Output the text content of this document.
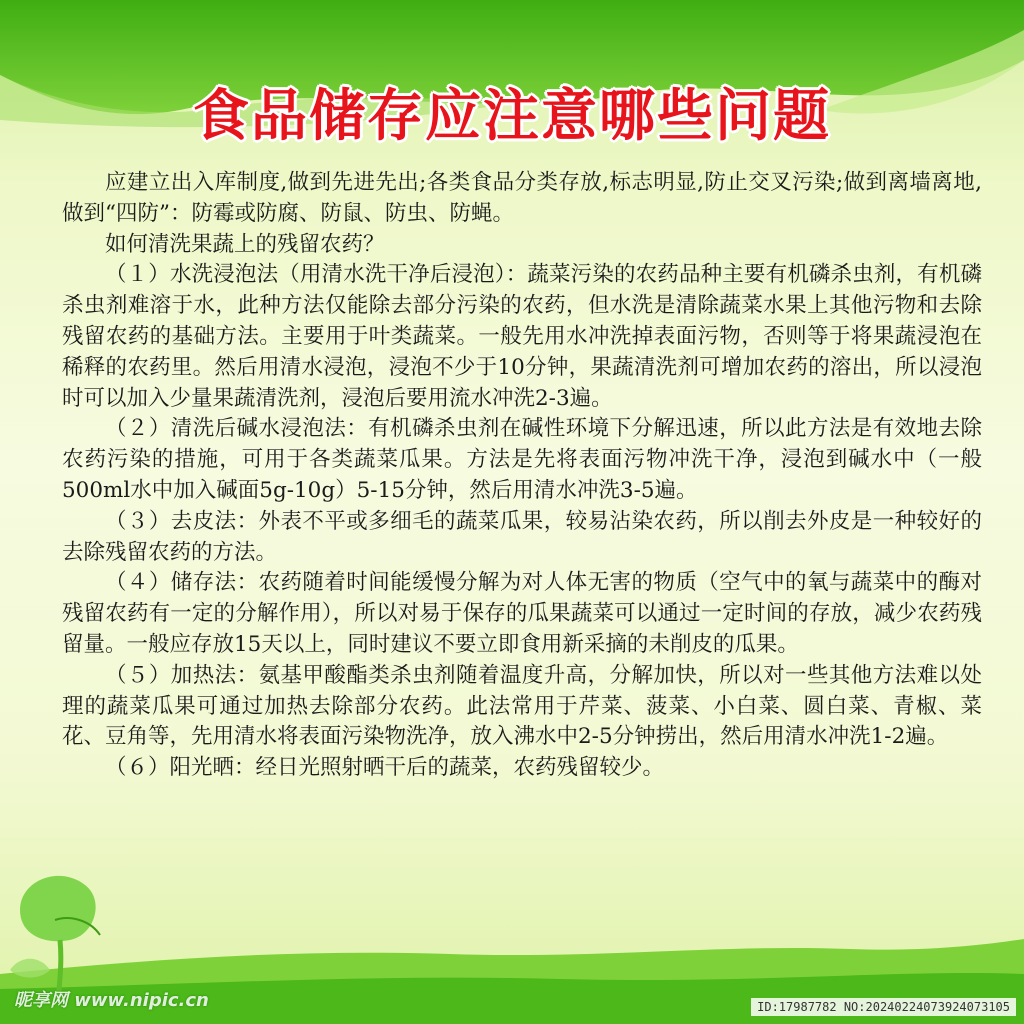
食品储存应注意哪些问题

应建立出入库制度,做到先进先出;各类食品分类存放,标志明显,防止交叉污染;做到离墙离地,做到“四防”：防霉或防腐、防鼠、防虫、防蝇。

如何清洗果蔬上的残留农药？

（１）水洗浸泡法（用清水洗干净后浸泡）：蔬菜污染的农药品种主要有机磷杀虫剂，有机磷杀虫剂难溶于水，此种方法仅能除去部分污染的农药，但水洗是清除蔬菜水果上其他污物和去除残留农药的基础方法。主要用于叶类蔬菜。一般先用水冲洗掉表面污物，否则等于将果蔬浸泡在稀释的农药里。然后用清水浸泡，浸泡不少于10分钟，果蔬清洗剂可增加农药的溶出，所以浸泡时可以加入少量果蔬清洗剂，浸泡后要用流水冲洗2-3遍。

（２）清洗后碱水浸泡法：有机磷杀虫剂在碱性环境下分解迅速，所以此方法是有效地去除农药污染的措施，可用于各类蔬菜瓜果。方法是先将表面污物冲洗干净，浸泡到碱水中（一般500ml水中加入碱面5g-10g）5-15分钟，然后用清水冲洗3-5遍。

（３）去皮法：外表不平或多细毛的蔬菜瓜果，较易沾染农药，所以削去外皮是一种较好的去除残留农药的方法。

（４）储存法：农药随着时间能缓慢分解为对人体无害的物质（空气中的氧与蔬菜中的酶对残留农药有一定的分解作用），所以对易于保存的瓜果蔬菜可以通过一定时间的存放，减少农药残留量。一般应存放15天以上，同时建议不要立即食用新采摘的未削皮的瓜果。

（５）加热法：氨基甲酸酯类杀虫剂随着温度升高，分解加快，所以对一些其他方法难以处理的蔬菜瓜果可通过加热去除部分农药。此法常用于芹菜、菠菜、小白菜、圆白菜、青椒、菜花、豆角等，先用清水将表面污染物洗净，放入沸水中2-5分钟捞出，然后用清水冲洗1-2遍。

（６）阳光晒：经日光照射晒干后的蔬菜，农药残留较少。

昵享网 www.nipic.cn	ID:17987782 NO:20240224073924073105
